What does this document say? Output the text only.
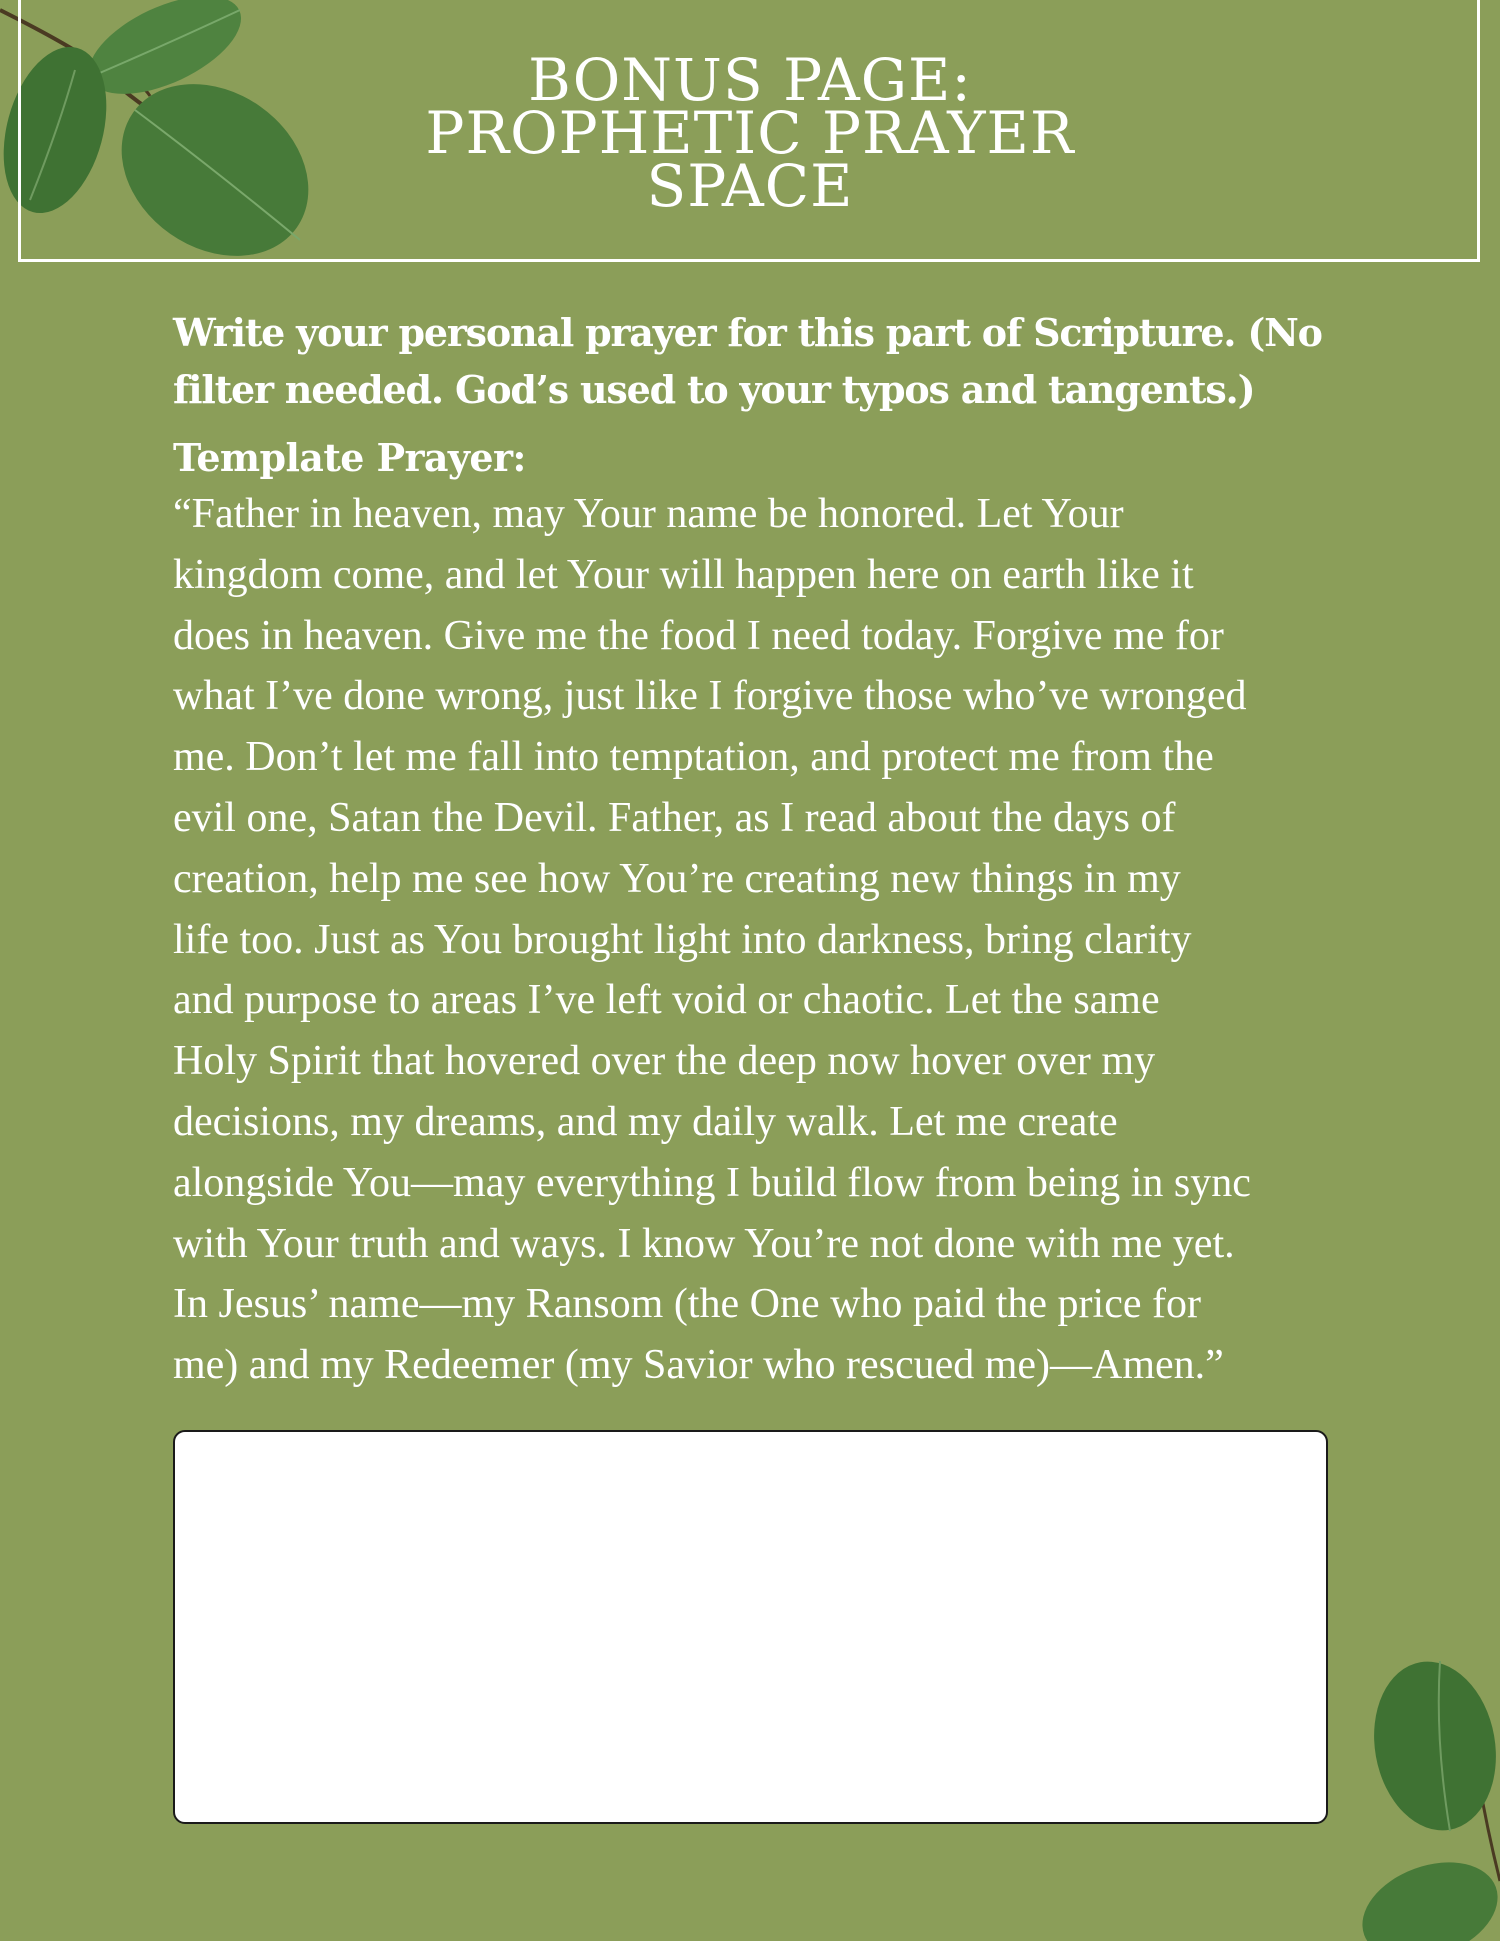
BONUS PAGE:
PROPHETIC PRAYER
SPACE

Write your personal prayer for this part of Scripture. (No filter needed. God’s used to your typos and tangents.)

Template Prayer:

“Father in heaven, may Your name be honored. Let Your
kingdom come, and let Your will happen here on earth like it
does in heaven. Give me the food I need today. Forgive me for
what I’ve done wrong, just like I forgive those who’ve wronged
me. Don’t let me fall into temptation, and protect me from the
evil one, Satan the Devil. Father, as I read about the days of
creation, help me see how You’re creating new things in my
life too. Just as You brought light into darkness, bring clarity
and purpose to areas I’ve left void or chaotic. Let the same
Holy Spirit that hovered over the deep now hover over my
decisions, my dreams, and my daily walk. Let me create
alongside You—may everything I build flow from being in sync
with Your truth and ways. I know You’re not done with me yet.
In Jesus’ name—my Ransom (the One who paid the price for
me) and my Redeemer (my Savior who rescued me)—Amen.”
